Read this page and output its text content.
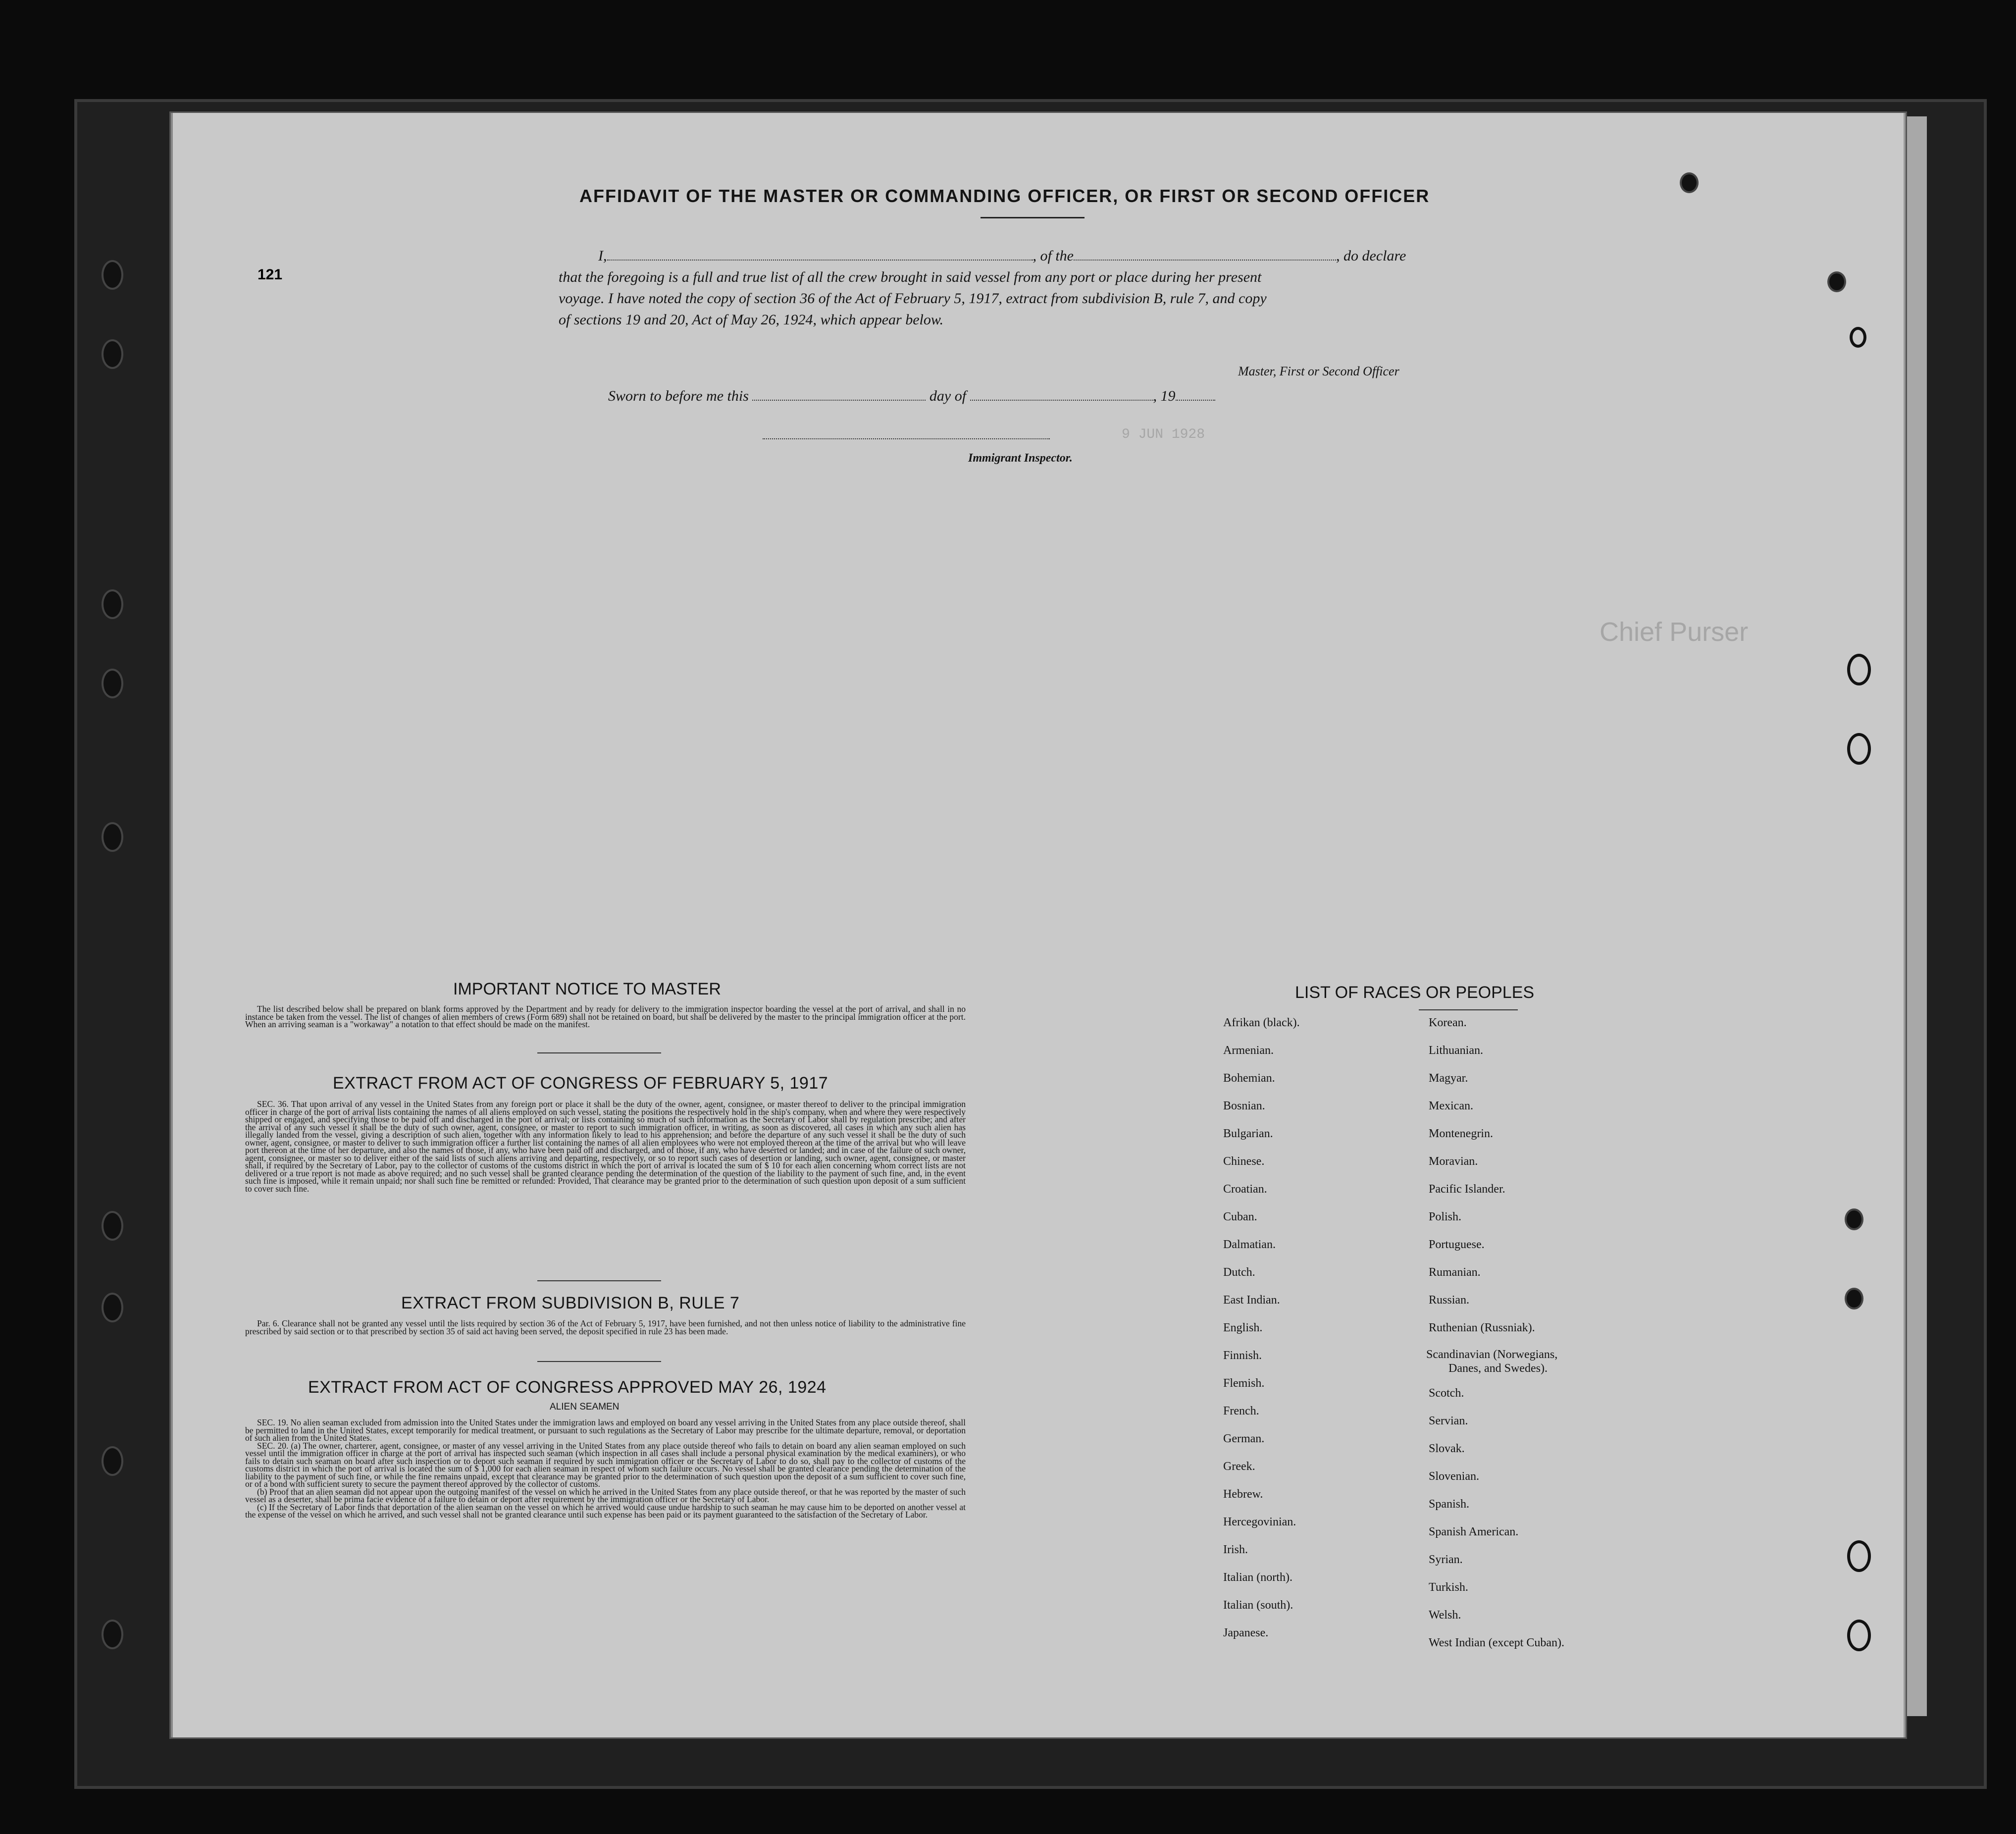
Chief Purser
9 JUN 1928
121
AFFIDAVIT OF THE MASTER OR COMMANDING OFFICER, OR FIRST OR SECOND OFFICER
I,	, of the	, do declare
that the foregoing is a full and true list of all the crew brought in said vessel from any port or place during her present
voyage. I have noted the copy of section 36 of the Act of February 5, 1917, extract from subdivision B, rule 7, and copy
of sections 19 and 20, Act of May 26, 1924, which appear below.
Master, First or Second Officer
Sworn to before me this	day of	, 19
Immigrant Inspector.
IMPORTANT NOTICE TO MASTER

The list described below shall be prepared on blank forms approved by the Department and by ready for delivery to the immigration inspector boarding the vessel at the port of arrival, and shall in no instance be taken from the vessel. The list of changes of alien members of crews (Form 689) shall not be retained on board, but shall be delivered by the master to the principal immigration officer at the port. When an arriving seaman is a "workaway" a notation to that effect should be made on the manifest.

EXTRACT FROM ACT OF CONGRESS OF FEBRUARY 5, 1917

SEC. 36. That upon arrival of any vessel in the United States from any foreign port or place it shall be the duty of the owner, agent, consignee, or master thereof to deliver to the principal immigration officer in charge of the port of arrival lists containing the names of all aliens employed on such vessel, stating the positions the respectively hold in the ship's company, when and where they were respectively shipped or engaged, and specifying those to be paid off and discharged in the port of arrival; or lists containing so much of such information as the Secretary of Labor shall by regulation prescribe; and after the arrival of any such vessel it shall be the duty of such owner, agent, consignee, or master to report to such immigration officer, in writing, as soon as discovered, all cases in which any such alien has illegally landed from the vessel, giving a description of such alien, together with any information likely to lead to his apprehension; and before the departure of any such vessel it shall be the duty of such owner, agent, consignee, or master to deliver to such immigration officer a further list containing the names of all alien employees who were not employed thereon at the time of the arrival but who will leave port thereon at the time of her departure, and also the names of those, if any, who have been paid off and discharged, and of those, if any, who have deserted or landed; and in case of the failure of such owner, agent, consignee, or master so to deliver either of the said lists of such aliens arriving and departing, respectively, or so to report such cases of desertion or landing, such owner, agent, consignee, or master shall, if required by the Secretary of Labor, pay to the collector of customs of the customs district in which the port of arrival is located the sum of $ 10 for each alien concerning whom correct lists are not delivered or a true report is not made as above required; and no such vessel shall be granted clearance pending the determination of the question of the liability to the payment of such fine, and, in the event such fine is imposed, while it remain unpaid; nor shall such fine be remitted or refunded: Provided, That clearance may be granted prior to the determination of such question upon deposit of a sum sufficient to cover such fine.

EXTRACT FROM SUBDIVISION B, RULE 7

Par. 6. Clearance shall not be granted any vessel until the lists required by section 36 of the Act of February 5, 1917, have been furnished, and not then unless notice of liability to the administrative fine prescribed by said section or to that prescribed by section 35 of said act having been served, the deposit specified in rule 23 has been made.

EXTRACT FROM ACT OF CONGRESS APPROVED MAY 26, 1924
ALIEN SEAMEN

SEC. 19. No alien seaman excluded from admission into the United States under the immigration laws and employed on board any vessel arriving in the United States from any place outside thereof, shall be permitted to land in the United States, except temporarily for medical treatment, or pursuant to such regulations as the Secretary of Labor may prescribe for the ultimate departure, removal, or deportation of such alien from the United States.

SEC. 20. (a) The owner, charterer, agent, consignee, or master of any vessel arriving in the United States from any place outside thereof who fails to detain on board any alien seaman employed on such vessel until the immigration officer in charge at the port of arrival has inspected such seaman (which inspection in all cases shall include a personal physical examination by the medical examiners), or who fails to detain such seaman on board after such inspection or to deport such seaman if required by such immigration officer or the Secretary of Labor to do so, shall pay to the collector of customs of the customs district in which the port of arrival is located the sum of $ 1,000 for each alien seaman in respect of whom such failure occurs. No vessel shall be granted clearance pending the determination of the liability to the payment of such fine, or while the fine remains unpaid, except that clearance may be granted prior to the determination of such question upon the deposit of a sum sufficient to cover such fine, or of a bond with sufficient surety to secure the payment thereof approved by the collector of customs.

(b) Proof that an alien seaman did not appear upon the outgoing manifest of the vessel on which he arrived in the United States from any place outside thereof, or that he was reported by the master of such vessel as a deserter, shall be prima facie evidence of a failure to detain or deport after requirement by the immigration officer or the Secretary of Labor.

(c) If the Secretary of Labor finds that deportation of the alien seaman on the vessel on which he arrived would cause undue hardship to such seaman he may cause him to be deported on another vessel at the expense of the vessel on which he arrived, and such vessel shall not be granted clearance until such expense has been paid or its payment guaranteed to the satisfaction of the Secretary of Labor.

LIST OF RACES OR PEOPLES
Afrikan (black).
Armenian.
Bohemian.
Bosnian.
Bulgarian.
Chinese.
Croatian.
Cuban.
Dalmatian.
Dutch.
East Indian.
English.
Finnish.
Flemish.
French.
German.
Greek.
Hebrew.
Hercegovinian.
Irish.
Italian (north).
Italian (south).
Japanese.
Korean.
Lithuanian.
Magyar.
Mexican.
Montenegrin.
Moravian.
Pacific Islander.
Polish.
Portuguese.
Rumanian.
Russian.
Ruthenian (Russniak).
Scandinavian (Norwegians,
Danes, and Swedes).
Scotch.
Servian.
Slovak.
Slovenian.
Spanish.
Spanish American.
Syrian.
Turkish.
Welsh.
West Indian (except Cuban).
